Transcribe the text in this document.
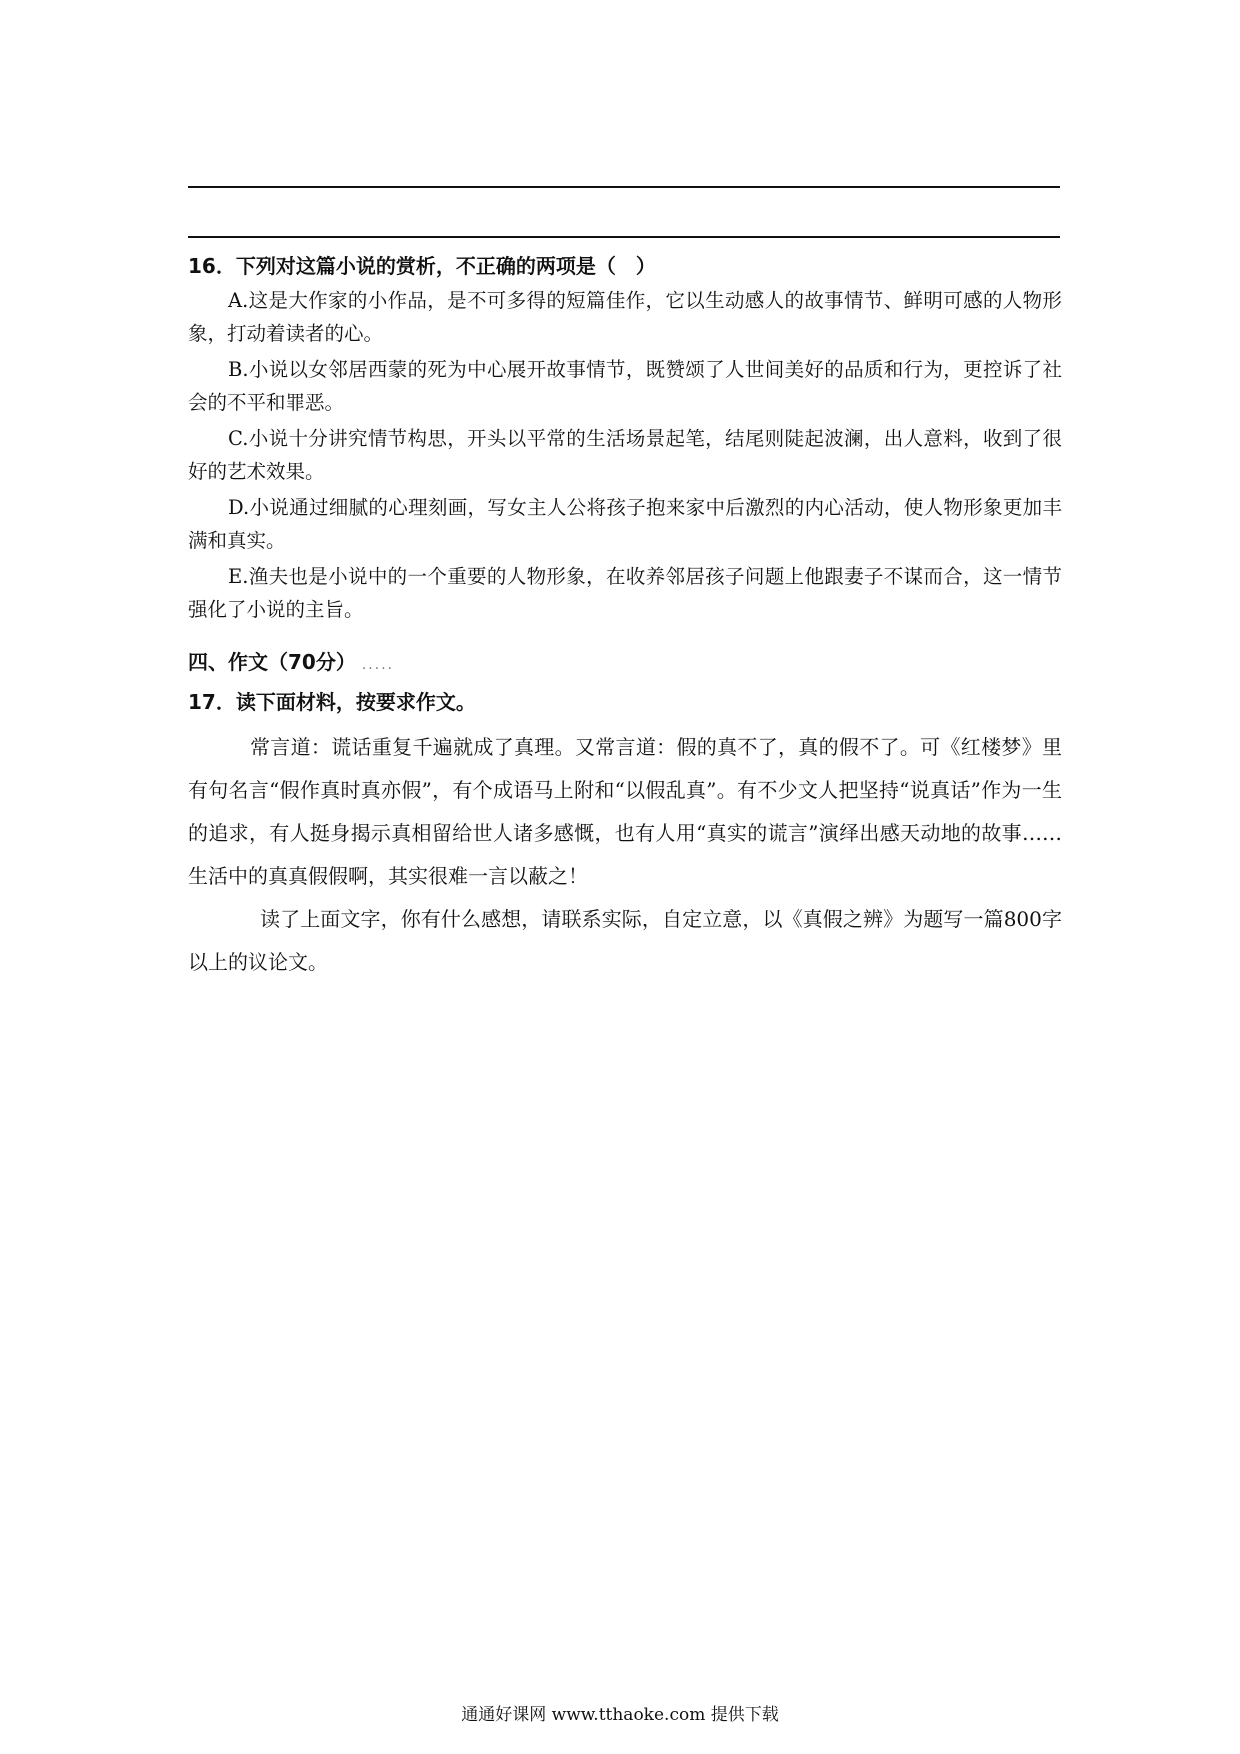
16．下列对这篇小说的赏析，不正确的两项是（　）
A.这是大作家的小作品，是不可多得的短篇佳作，它以生动感人的故事情节、鲜明可感的人物形象，打动着读者的心。
B.小说以女邻居西蒙的死为中心展开故事情节，既赞颂了人世间美好的品质和行为，更控诉了社会的不平和罪恶。
C.小说十分讲究情节构思，开头以平常的生活场景起笔，结尾则陡起波澜，出人意料，收到了很好的艺术效果。
D.小说通过细腻的心理刻画，写女主人公将孩子抱来家中后激烈的内心活动，使人物形象更加丰满和真实。
E.渔夫也是小说中的一个重要的人物形象，在收养邻居孩子问题上他跟妻子不谋而合，这一情节强化了小说的主旨。
四、作文（70分） .....
17．读下面材料，按要求作文。
常言道：谎话重复千遍就成了真理。又常言道：假的真不了，真的假不了。可《红楼梦》里有句名言“假作真时真亦假”，有个成语马上附和“以假乱真”。有不少文人把坚持“说真话”作为一生的追求，有人挺身揭示真相留给世人诸多感慨，也有人用“真实的谎言”演绎出感天动地的故事……生活中的真真假假啊，其实很难一言以蔽之！
读了上面文字，你有什么感想，请联系实际，自定立意，以《真假之辨》为题写一篇800字以上的议论文。
通通好课网 www.tthaoke.com 提供下载
